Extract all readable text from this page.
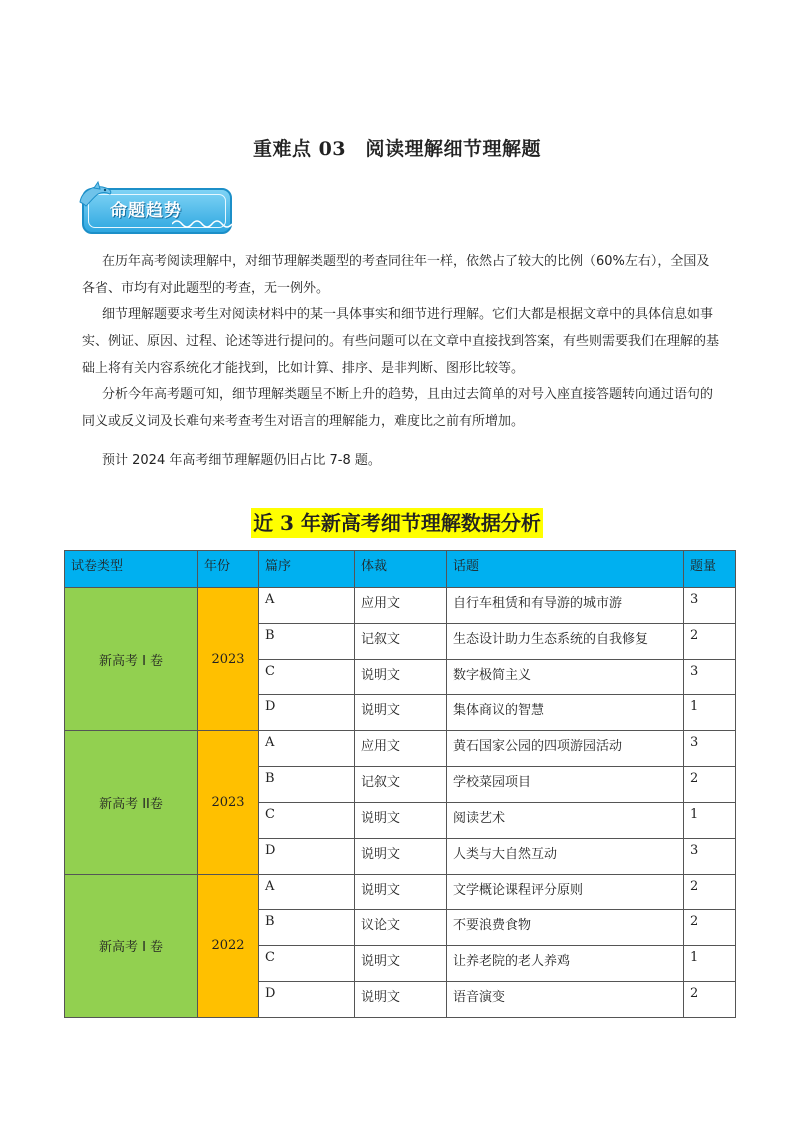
重难点 03　阅读理解细节理解题
命题趋势

在历年高考阅读理解中，对细节理解类题型的考查同往年一样，依然占了较大的比例（60%左右），全国及各省、市均有对此题型的考查，无一例外。

细节理解题要求考生对阅读材料中的某一具体事实和细节进行理解。它们大都是根据文章中的具体信息如事实、例证、原因、过程、论述等进行提问的。有些问题可以在文章中直接找到答案，有些则需要我们在理解的基础上将有关内容系统化才能找到，比如计算、排序、是非判断、图形比较等。

分析今年高考题可知，细节理解类题呈不断上升的趋势，且由过去简单的对号入座直接答题转向通过语句的同义或反义词及长难句来考查考生对语言的理解能力，难度比之前有所增加。

预计 2024 年高考细节理解题仍旧占比 7-8 题。

近 3 年新高考细节理解数据分析
试卷类型	年份	篇序	体裁	话题	题量
新高考 I 卷	2023	A	应用文	自行车租赁和有导游的城市游	3
		B	记叙文	生态设计助力生态系统的自我修复	2
		C	说明文	数字极简主义	3
		D	说明文	集体商议的智慧	1
新高考 II卷	2023	A	应用文	黄石国家公园的四项游园活动	3
		B	记叙文	学校菜园项目	2
		C	说明文	阅读艺术	1
		D	说明文	人类与大自然互动	3
新高考 I 卷	2022	A	说明文	文学概论课程评分原则	2
		B	议论文	不要浪费食物	2
		C	说明文	让养老院的老人养鸡	1
		D	说明文	语音演变	2
